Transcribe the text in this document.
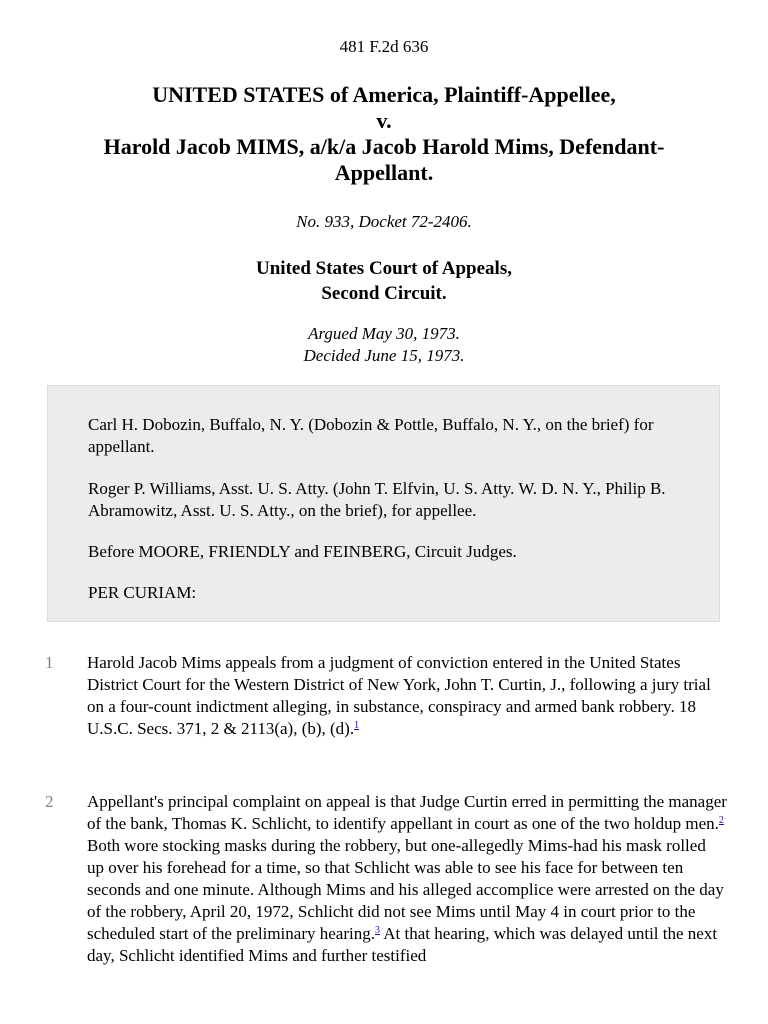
481 F.2d 636
UNITED STATES of America, Plaintiff-Appellee,
v.
Harold Jacob MIMS, a/k/a Jacob Harold Mims, Defendant-
Appellant.
No. 933, Docket 72-2406.
United States Court of Appeals,
Second Circuit.
Argued May 30, 1973.
Decided June 15, 1973.

Carl H. Dobozin, Buffalo, N. Y. (Dobozin & Pottle, Buffalo, N. Y., on the brief) for appellant.

Roger P. Williams, Asst. U. S. Atty. (John T. Elfvin, U. S. Atty. W. D. N. Y., Philip B. Abramowitz, Asst. U. S. Atty., on the brief), for appellee.

Before MOORE, FRIENDLY and FEINBERG, Circuit Judges.

PER CURIAM:

1	Harold Jacob Mims appeals from a judgment of conviction entered in the United States District Court for the Western District of New York, John T. Curtin, J., following a jury trial on a four-count indictment alleging, in substance, conspiracy and armed bank robbery. 18 U.S.C. Secs. 371, 2 & 2113(a), (b), (d).$^1$
2	Appellant's principal complaint on appeal is that Judge Curtin erred in permitting the manager of the bank, Thomas K. Schlicht, to identify appellant in court as one of the two holdup men.$^2$ Both wore stocking masks during the robbery, but one-allegedly Mims-had his mask rolled up over his forehead for a time, so that Schlicht was able to see his face for between ten seconds and one minute. Although Mims and his alleged accomplice were arrested on the day of the robbery, April 20, 1972, Schlicht did not see Mims until May 4 in court prior to the scheduled start of the preliminary hearing.$^3$ At that hearing, which was delayed until the next day, Schlicht identified Mims and further testified
